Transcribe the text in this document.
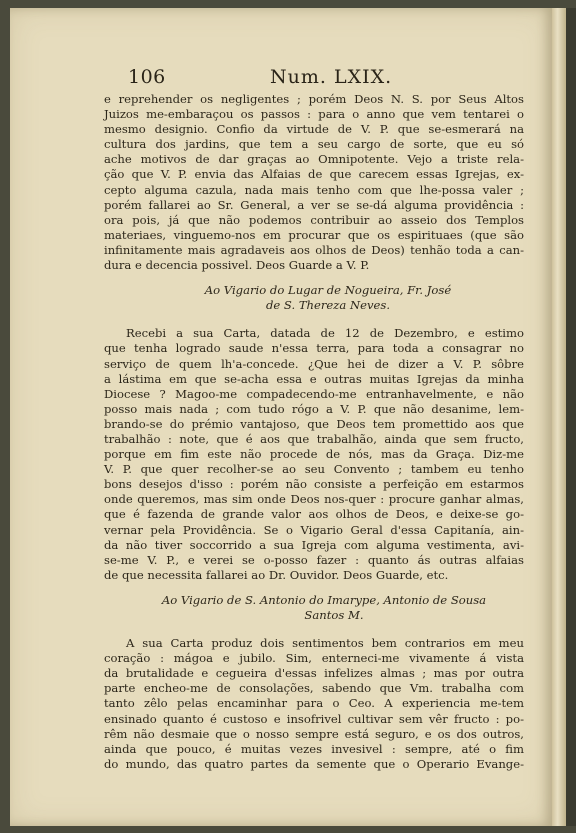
106	Num. LXIX.
e reprehender os negligentes ; porém Deos N. S. por Seus Altos
Juizos me-embaraçou os passos : para o anno que vem tentarei o
mesmo designio. Confio da virtude de V. P. que se-esmerará na
cultura dos jardins, que tem a seu cargo de sorte, que eu só
ache motivos de dar graças ao Omnipotente. Vejo a triste rela-
ção que V. P. envia das Alfaias de que carecem essas Igrejas, ex-
cepto alguma cazula, nada mais tenho com que lhe-possa valer ;
porém fallarei ao Sr. General, a ver se se-dá alguma providência :
ora pois, já que não podemos contribuir ao asseio dos Templos
materiaes, vinguemo-nos em procurar que os espirituaes (que são
infinitamente mais agradaveis aos olhos de Deos) tenhão toda a can-
dura e decencia possivel. Deos Guarde a V. P.
Ao Vigario do Lugar de Nogueira, Fr. José
de S. Thereza Neves.
Recebi a sua Carta, datada de 12 de Dezembro, e estimo
que tenha logrado saude n'essa terra, para toda a consagrar no
serviço de quem lh'a-concede. ¿Que hei de dizer a V. P. sôbre
a lástima em que se-acha essa e outras muitas Igrejas da minha
Diocese ? Magoo-me compadecendo-me entranhavelmente, e não
posso mais nada ; com tudo rógo a V. P. que não desanime, lem-
brando-se do prémio vantajoso, que Deos tem promettido aos que
trabalhão : note, que é aos que trabalhão, ainda que sem fructo,
porque em fim este não procede de nós, mas da Graça. Diz-me
V. P. que quer recolher-se ao seu Convento ; tambem eu tenho
bons desejos d'isso : porém não consiste a perfeição em estarmos
onde queremos, mas sim onde Deos nos-quer : procure ganhar almas,
que é fazenda de grande valor aos olhos de Deos, e deixe-se go-
vernar pela Providência. Se o Vigario Geral d'essa Capitanía, ain-
da não tiver soccorrido a sua Igreja com alguma vestimenta, avi-
se-me V. P., e verei se o-posso fazer : quanto ás outras alfaias
de que necessita fallarei ao Dr. Ouvidor. Deos Guarde, etc.
Ao Vigario de S. Antonio do Imarype, Antonio de Sousa
Santos M.
A sua Carta produz dois sentimentos bem contrarios em meu
coração : mágoa e jubilo. Sim, enterneci-me vivamente á vista
da brutalidade e cegueira d'essas infelizes almas ; mas por outra
parte encheo-me de consolações, sabendo que Vm. trabalha com
tanto zêlo pelas encaminhar para o Ceo. A experiencia me-tem
ensinado quanto é custoso e insofrivel cultivar sem vêr fructo : po-
rêm não desmaie que o nosso sempre está seguro, e os dos outros,
ainda que pouco, é muitas vezes invesivel : sempre, até o fim
do mundo, das quatro partes da semente que o Operario Evange-
